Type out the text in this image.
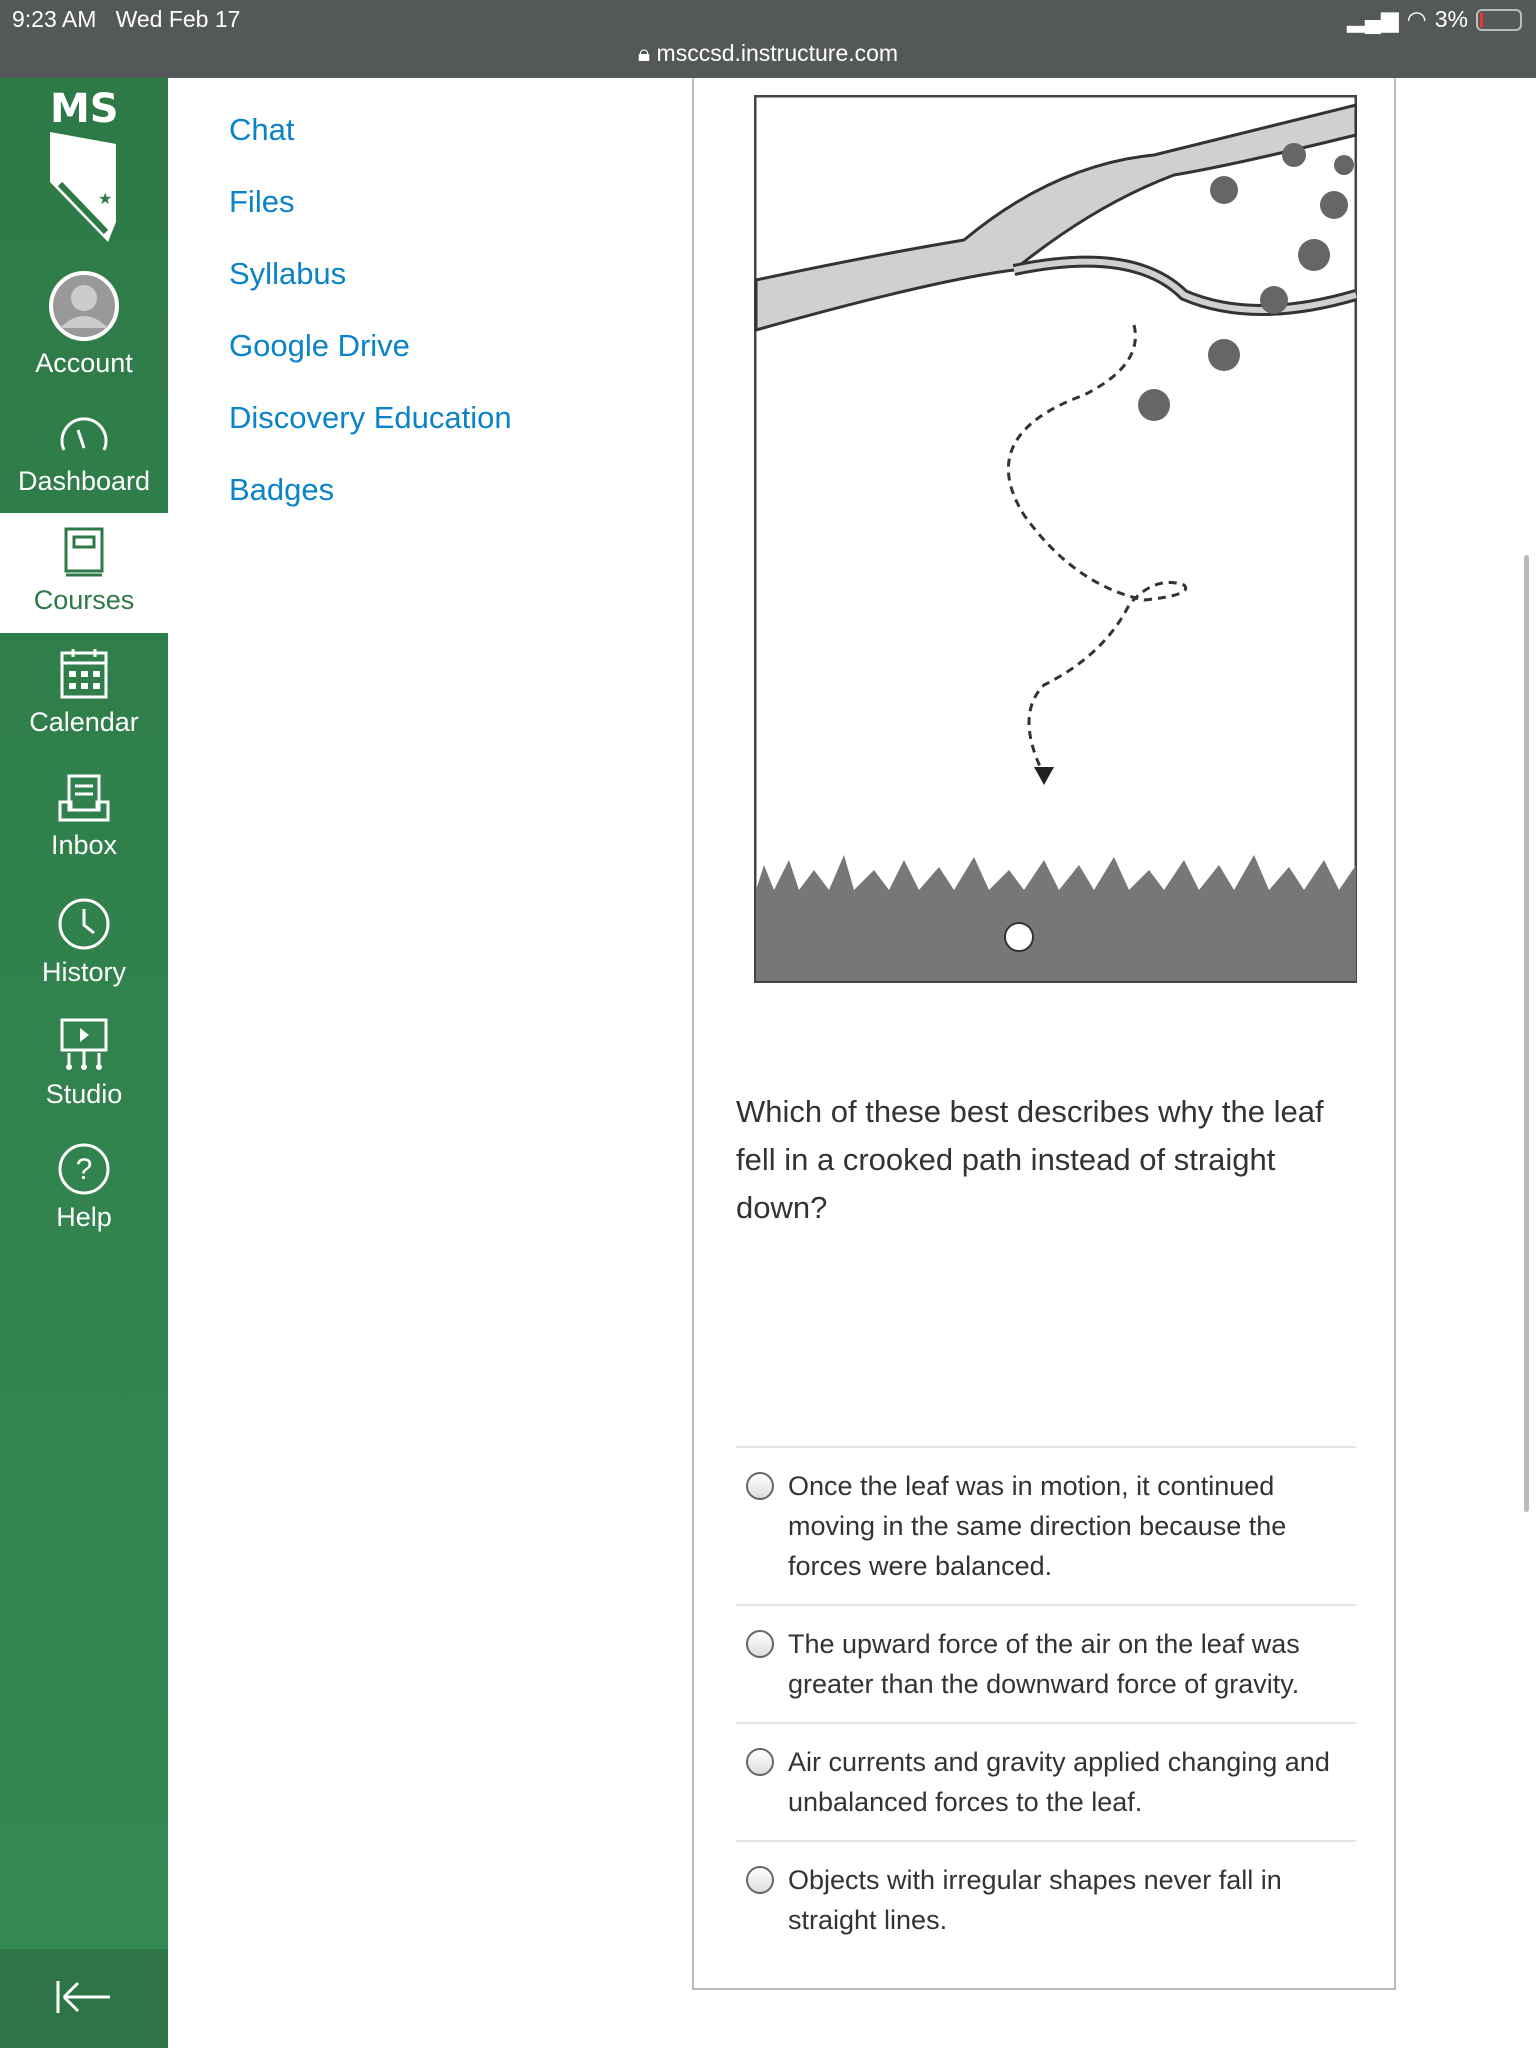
9:23 AM Wed Feb 17
🔒︎ msccsd.instructure.com
▂▄▆ ◠ 3%
MS
★
Account
Dashboard
Courses
Calendar
Inbox
History
Studio
?
Help
Chat
Files
Syllabus
Google Drive
Discovery Education
Badges

Which of these best describes why the leaf fell in a crooked path instead of straight down?

Once the leaf was in motion, it continued moving in the same direction because the forces were balanced.
The upward force of the air on the leaf was greater than the downward force of gravity.
Air currents and gravity applied changing and unbalanced forces to the leaf.
Objects with irregular shapes never fall in straight lines.
